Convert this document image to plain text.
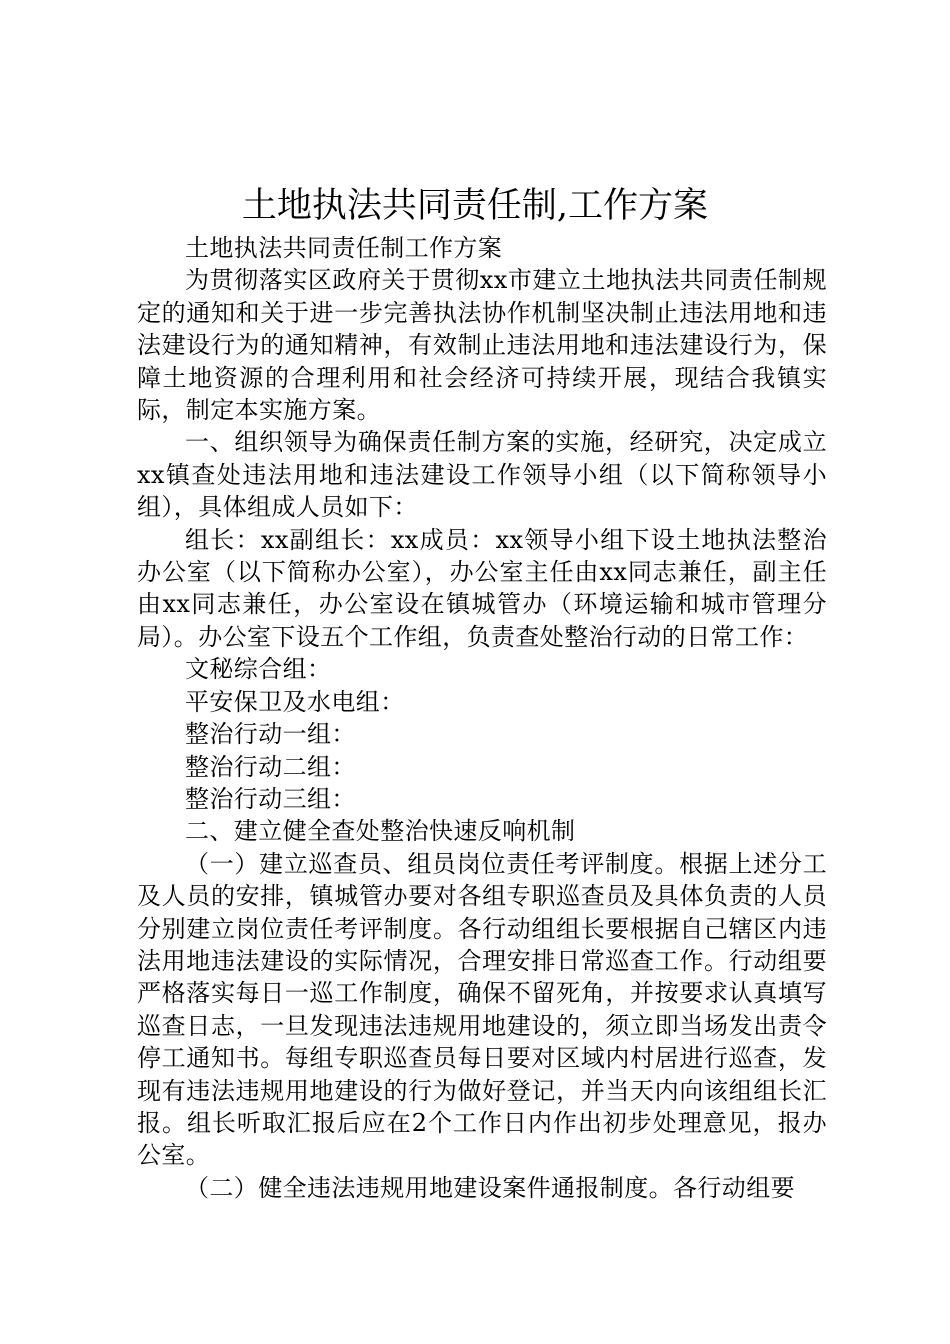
土地执法共同责任制,工作方案

土地执法共同责任制工作方案

为贯彻落实区政府关于贯彻xx市建立土地执法共同责任制规定的通知和关于进一步完善执法协作机制坚决制止违法用地和违法建设行为的通知精神，有效制止违法用地和违法建设行为，保障土地资源的合理利用和社会经济可持续开展，现结合我镇实际，制定本实施方案。

一、组织领导为确保责任制方案的实施，经研究，决定成立xx镇查处违法用地和违法建设工作领导小组（以下简称领导小组），具体组成人员如下：

组长：xx副组长：xx成员：xx领导小组下设土地执法整治办公室（以下简称办公室），办公室主任由xx同志兼任，副主任由xx同志兼任，办公室设在镇城管办（环境运输和城市管理分局）。办公室下设五个工作组，负责查处整治行动的日常工作：

文秘综合组：

平安保卫及水电组：

整治行动一组：

整治行动二组：

整治行动三组：

二、建立健全查处整治快速反响机制

（一）建立巡查员、组员岗位责任考评制度。根据上述分工及人员的安排，镇城管办要对各组专职巡查员及具体负责的人员分别建立岗位责任考评制度。各行动组组长要根据自己辖区内违法用地违法建设的实际情况，合理安排日常巡查工作。行动组要严格落实每日一巡工作制度，确保不留死角，并按要求认真填写巡查日志，一旦发现违法违规用地建设的，须立即当场发出责令停工通知书。每组专职巡查员每日要对区域内村居进行巡查，发现有违法违规用地建设的行为做好登记，并当天内向该组组长汇报。组长听取汇报后应在2个工作日内作出初步处理意见，报办公室。

（二）健全违法违规用地建设案件通报制度。各行动组要
